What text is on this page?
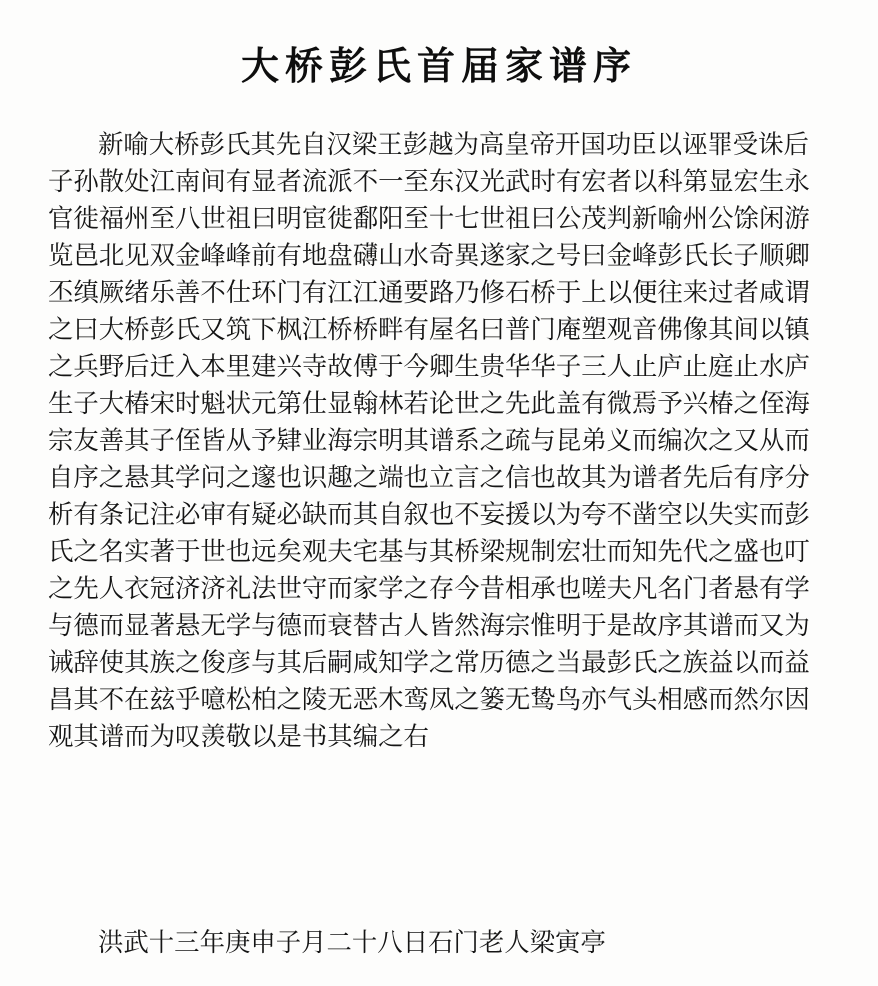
大桥彭氏首届家谱序
新喻大桥彭氏其先自汉梁王彭越为高皇帝开国功臣以诬罪受诛后
子孙散处江南间有显者流派不一至东汉光武时有宏者以科第显宏生永
官徙福州至八世祖曰明宦徙鄱阳至十七世祖曰公茂判新喻州公馀闲游
览邑北见双金峰峰前有地盘礴山水奇異遂家之号曰金峰彭氏长子顺卿
丕缜厥绪乐善不仕环门有江江通要路乃修石桥于上以便往来过者咸谓
之曰大桥彭氏又筑下枫江桥桥畔有屋名曰普门庵塑观音佛像其间以镇
之兵野后迁入本里建兴寺故傅于今卿生贵华华子三人止庐止庭止水庐
生子大椿宋时魁状元第仕显翰林若论世之先此盖有微焉予兴椿之侄海
宗友善其子侄皆从予肄业海宗明其谱系之疏与昆弟义而编次之又从而
自序之悬其学问之邃也识趣之端也立言之信也故其为谱者先后有序分
析有条记注必审有疑必缺而其自叙也不妄援以为夸不凿空以失实而彭
氏之名实著于世也远矣观夫宅基与其桥梁规制宏壮而知先代之盛也叮
之先人衣冠济济礼法世守而家学之存今昔相承也嗟夫凡名门者悬有学
与德而显著悬无学与德而衰替古人皆然海宗惟明于是故序其谱而又为
诫辞使其族之俊彦与其后嗣咸知学之常历德之当最彭氏之族益以而益
昌其不在玆乎噫松柏之陵无恶木鸾凤之篓无鸷鸟亦气头相感而然尔因
观其谱而为叹羡敬以是书其编之右
洪武十三年庚申子月二十八日石门老人梁寅亭
